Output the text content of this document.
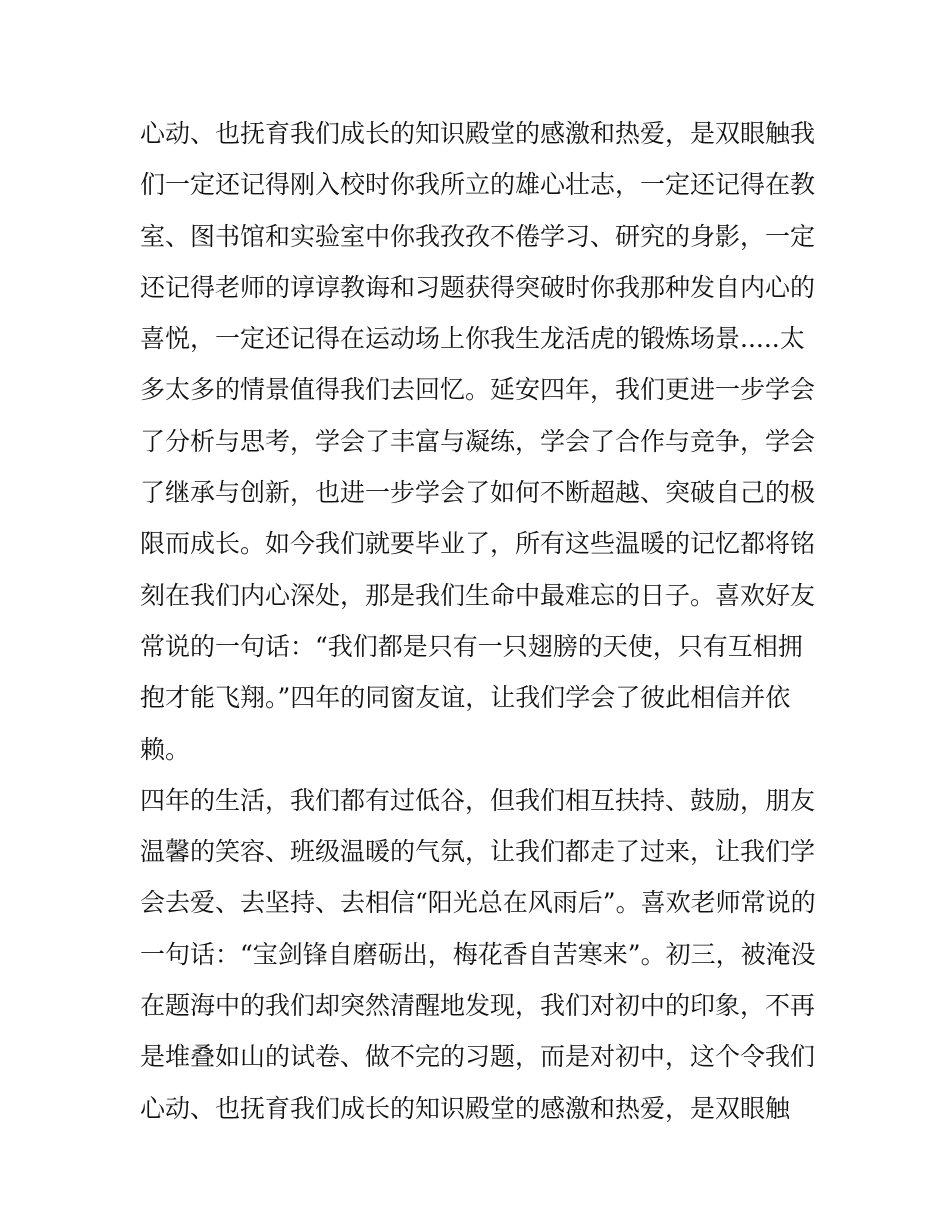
心动、也抚育我们成长的知识殿堂的感激和热爱，是双眼触我
们一定还记得刚入校时你我所立的雄心壮志，一定还记得在教
室、图书馆和实验室中你我孜孜不倦学习、研究的身影，一定
还记得老师的谆谆教诲和习题获得突破时你我那种发自内心的
喜悦，一定还记得在运动场上你我生龙活虎的锻炼场景.....太
多太多的情景值得我们去回忆。延安四年，我们更进一步学会
了分析与思考，学会了丰富与凝练，学会了合作与竞争，学会
了继承与创新，也进一步学会了如何不断超越、突破自己的极
限而成长。如今我们就要毕业了，所有这些温暖的记忆都将铭
刻在我们内心深处，那是我们生命中最难忘的日子。喜欢好友
常说的一句话：“我们都是只有一只翅膀的天使，只有互相拥
抱才能飞翔。”四年的同窗友谊，让我们学会了彼此相信并依
赖。
四年的生活，我们都有过低谷，但我们相互扶持、鼓励，朋友
温馨的笑容、班级温暖的气氛，让我们都走了过来，让我们学
会去爱、去坚持、去相信“阳光总在风雨后”。喜欢老师常说的
一句话：“宝剑锋自磨砺出，梅花香自苦寒来”。初三，被淹没
在题海中的我们却突然清醒地发现，我们对初中的印象，不再
是堆叠如山的试卷、做不完的习题，而是对初中，这个令我们
心动、也抚育我们成长的知识殿堂的感激和热爱，是双眼触
